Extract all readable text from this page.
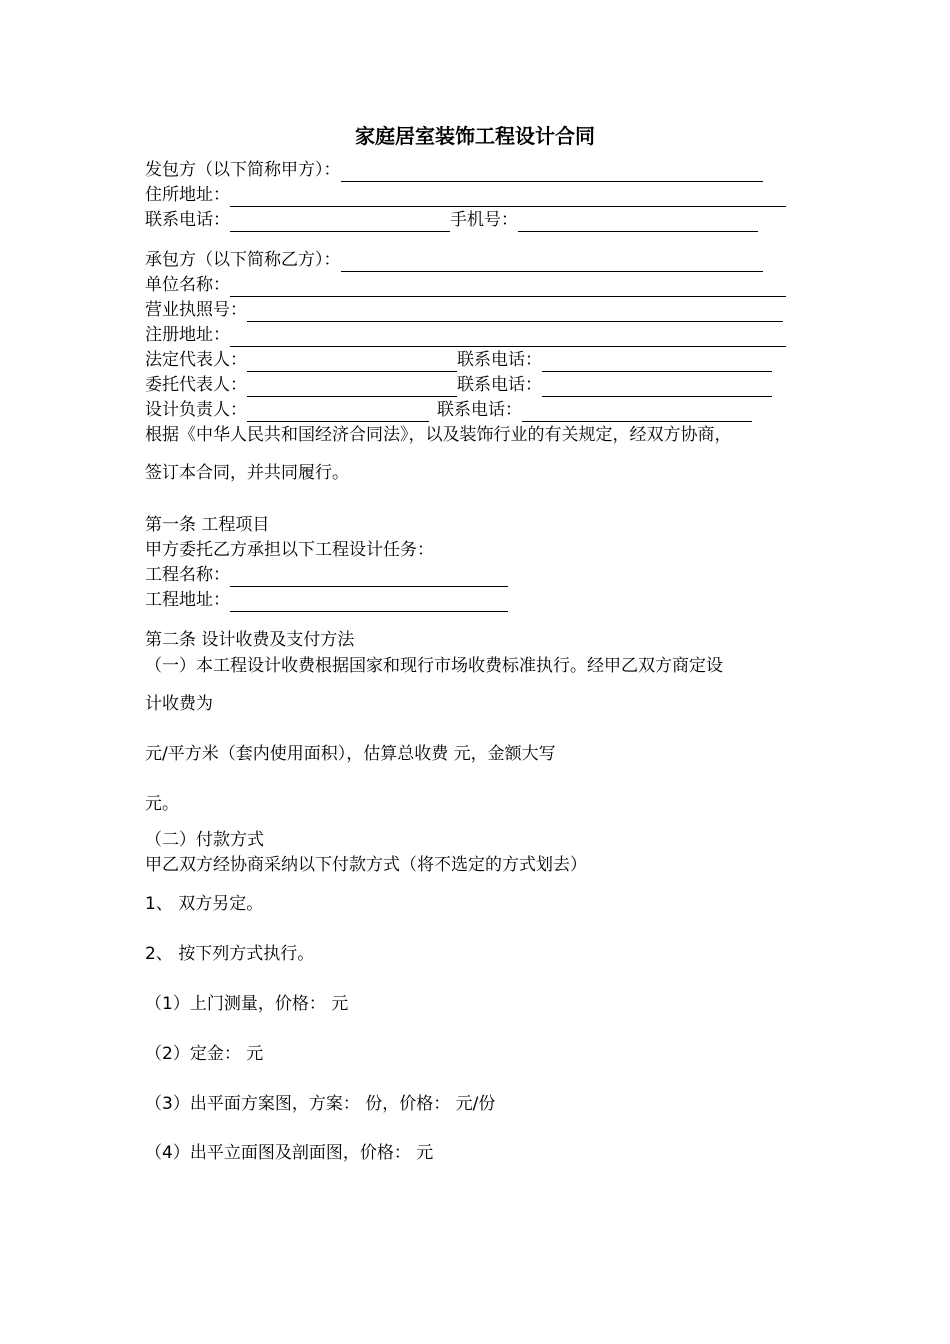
家庭居室装饰工程设计合同
发包方（以下简称甲方）：
住所地址：
联系电话：	手机号：
承包方（以下简称乙方）：
单位名称：
营业执照号：
注册地址：
法定代表人：	联系电话：
委托代表人：	联系电话：
设计负责人：	联系电话：
根据《中华人民共和国经济合同法》，以及装饰行业的有关规定，经双方协商，
签订本合同，并共同履行。
第一条 工程项目
甲方委托乙方承担以下工程设计任务：
工程名称：
工程地址：
第二条 设计收费及支付方法
（一）本工程设计收费根据国家和现行市场收费标准执行。经甲乙双方商定设
计收费为
元/平方米（套内使用面积），估算总收费 元，金额大写
元。
（二）付款方式
甲乙双方经协商采纳以下付款方式（将不选定的方式划去）
1、 双方另定。
2、 按下列方式执行。
（1）上门测量，价格： 元
（2）定金： 元
（3）出平面方案图，方案： 份，价格： 元/份
（4）出平立面图及剖面图，价格： 元
